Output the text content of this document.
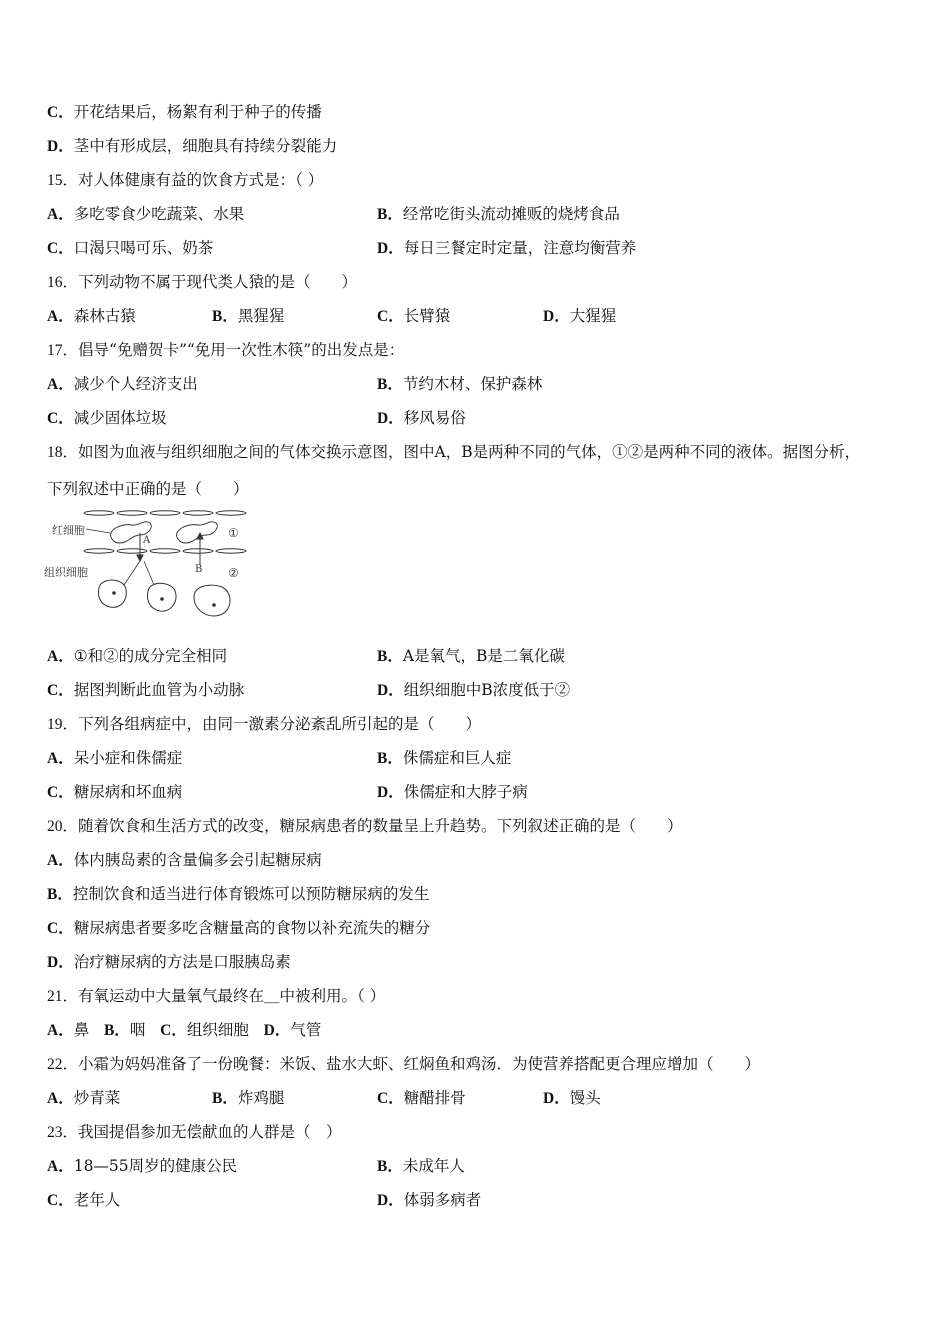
C．开花结果后，杨絮有利于种子的传播
D．茎中有形成层，细胞具有持续分裂能力
15．对人体健康有益的饮食方式是：（ ）
A．多吃零食少吃蔬菜、水果	B．经常吃街头流动摊贩的烧烤食品
C．口渴只喝可乐、奶茶	D．每日三餐定时定量，注意均衡营养
16．下列动物不属于现代类人猿的是（　　）
A．森林古猿	B．黑猩猩	C．长臂猿	D．大猩猩
17．倡导“免赠贺卡”“免用一次性木筷”的出发点是：
A．减少个人经济支出	B．节约木材、保护森林
C．减少固体垃圾	D．移风易俗
18．如图为血液与组织细胞之间的气体交换示意图，图中A，B是两种不同的气体，①②是两种不同的液体。据图分析，
下列叙述中正确的是（　　）
红细胞
组织细胞
A
B
①
②
A．①和②的成分完全相同	B．A是氧气，B是二氧化碳
C．据图判断此血管为小动脉	D．组织细胞中B浓度低于②
19．下列各组病症中，由同一激素分泌紊乱所引起的是（　　）
A．呆小症和侏儒症	B．侏儒症和巨人症
C．糖尿病和坏血病	D．侏儒症和大脖子病
20．随着饮食和生活方式的改变，糖尿病患者的数量呈上升趋势。下列叙述正确的是（　　）
A．体内胰岛素的含量偏多会引起糖尿病
B．控制饮食和适当进行体育锻炼可以预防糖尿病的发生
C．糖尿病患者要多吃含糖量高的食物以补充流失的糖分
D．治疗糖尿病的方法是口服胰岛素
21．有氧运动中大量氧气最终在＿中被利用。（ ）
A．鼻 B．咽 C．组织细胞 D．气管
22．小霜为妈妈准备了一份晚餐：米饭、盐水大虾、红焖鱼和鸡汤．为使营养搭配更合理应增加（　　）
A．炒青菜	B．炸鸡腿	C．糖醋排骨	D．馒头
23．我国提倡参加无偿献血的人群是（　）
A．18—55周岁的健康公民	B．未成年人
C．老年人	D．体弱多病者
